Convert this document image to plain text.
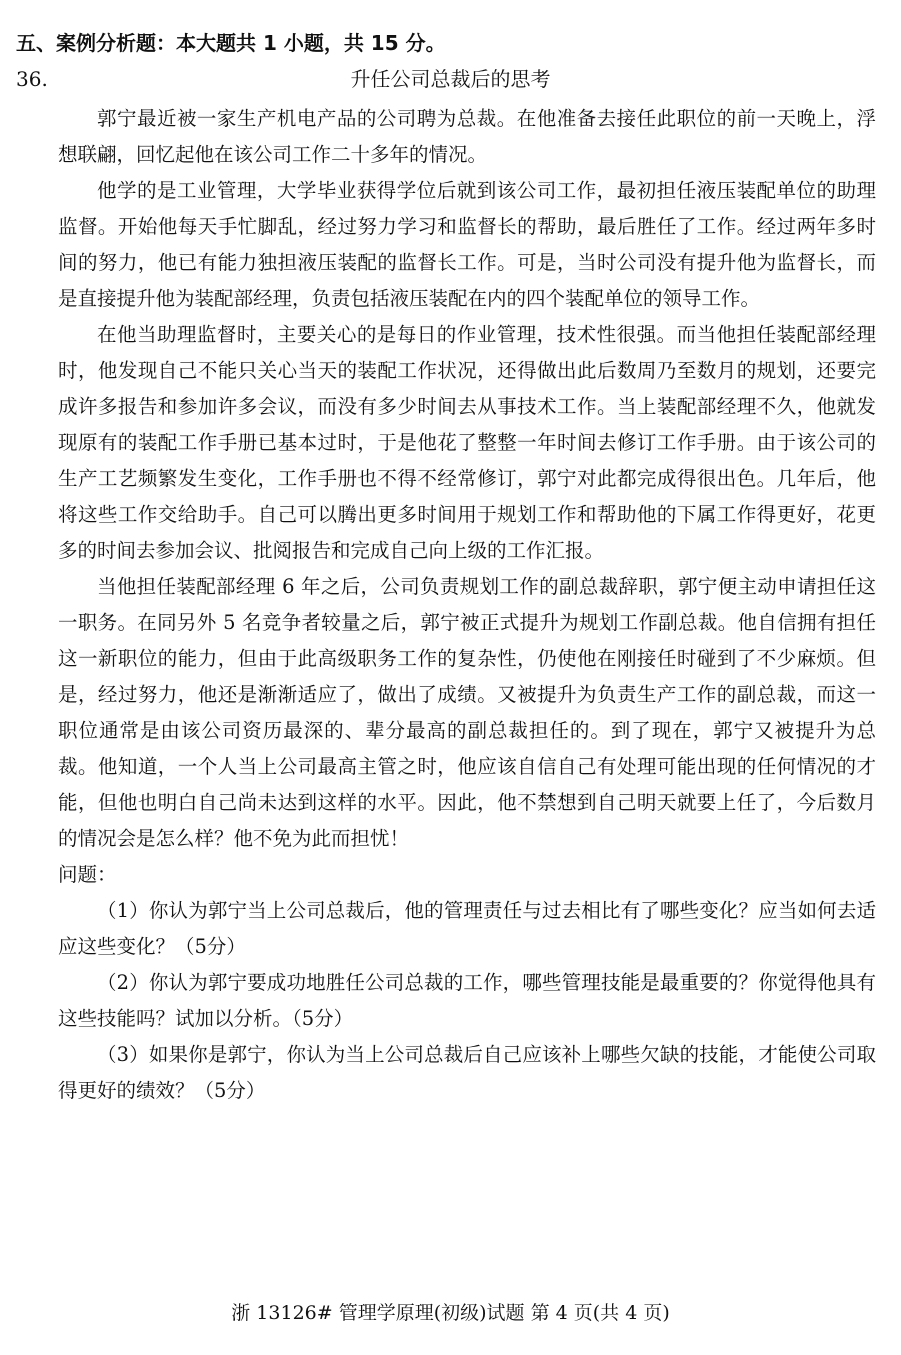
五、案例分析题：本大题共 1 小题，共 15 分。
36.	升任公司总裁后的思考

郭宁最近被一家生产机电产品的公司聘为总裁。在他准备去接任此职位的前一天晚上，浮想联翩，回忆起他在该公司工作二十多年的情况。

他学的是工业管理，大学毕业获得学位后就到该公司工作，最初担任液压装配单位的助理监督。开始他每天手忙脚乱，经过努力学习和监督长的帮助，最后胜任了工作。经过两年多时间的努力，他已有能力独担液压装配的监督长工作。可是，当时公司没有提升他为监督长，而是直接提升他为装配部经理，负责包括液压装配在内的四个装配单位的领导工作。

在他当助理监督时，主要关心的是每日的作业管理，技术性很强。而当他担任装配部经理时，他发现自己不能只关心当天的装配工作状况，还得做出此后数周乃至数月的规划，还要完成许多报告和参加许多会议，而没有多少时间去从事技术工作。当上装配部经理不久，他就发现原有的装配工作手册已基本过时，于是他花了整整一年时间去修订工作手册。由于该公司的生产工艺频繁发生变化，工作手册也不得不经常修订，郭宁对此都完成得很出色。几年后，他将这些工作交给助手。自己可以腾出更多时间用于规划工作和帮助他的下属工作得更好，花更多的时间去参加会议、批阅报告和完成自己向上级的工作汇报。

当他担任装配部经理 6 年之后，公司负责规划工作的副总裁辞职，郭宁便主动申请担任这一职务。在同另外 5 名竞争者较量之后，郭宁被正式提升为规划工作副总裁。他自信拥有担任这一新职位的能力，但由于此高级职务工作的复杂性，仍使他在刚接任时碰到了不少麻烦。但是，经过努力，他还是渐渐适应了，做出了成绩。又被提升为负责生产工作的副总裁，而这一职位通常是由该公司资历最深的、辈分最高的副总裁担任的。到了现在，郭宁又被提升为总裁。他知道，一个人当上公司最高主管之时，他应该自信自己有处理可能出现的任何情况的才能，但他也明白自己尚未达到这样的水平。因此，他不禁想到自己明天就要上任了，今后数月的情况会是怎么样？他不免为此而担忧！

问题：

（1）你认为郭宁当上公司总裁后，他的管理责任与过去相比有了哪些变化？应当如何去适应这些变化？（5分）

（2）你认为郭宁要成功地胜任公司总裁的工作，哪些管理技能是最重要的？你觉得他具有这些技能吗？试加以分析。（5分）

（3）如果你是郭宁，你认为当上公司总裁后自己应该补上哪些欠缺的技能，才能使公司取得更好的绩效？（5分）

浙 13126# 管理学原理(初级)试题 第 4 页(共 4 页)
